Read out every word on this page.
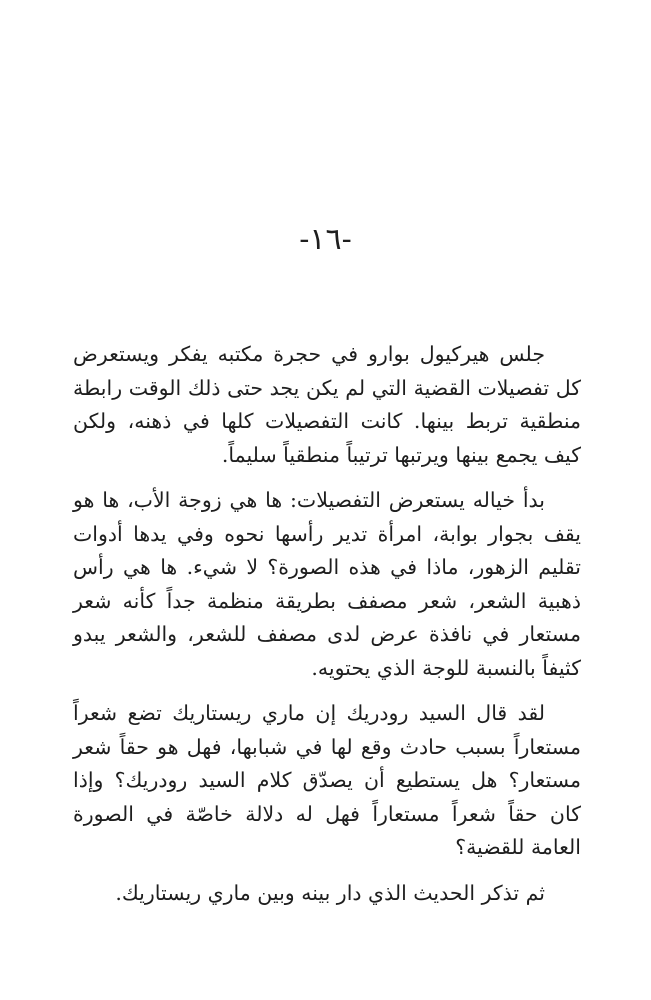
-١٦-

جلس هيركيول بوارو في حجرة مكتبه يفكر ويستعرض كل تفصيلات القضية التي لم يكن يجد حتى ذلك الوقت رابطة منطقية تربط بينها. كانت التفصيلات كلها في ذهنه، ولكن كيف يجمع بينها ويرتبها ترتيباً منطقياً سليماً.

بدأ خياله يستعرض التفصيلات: ها هي زوجة الأب، ها هو يقف بجوار بوابة، امرأة تدير رأسها نحوه وفي يدها أدوات تقليم الزهور، ماذا في هذه الصورة؟ لا شيء. ها هي رأس ذهبية الشعر، شعر مصفف بطريقة منظمة جداً كأنه شعر مستعار في نافذة عرض لدى مصفف للشعر، والشعر يبدو كثيفاً بالنسبة للوجة الذي يحتويه.

لقد قال السيد رودريك إن ماري ريستاريك تضع شعراً مستعاراً بسبب حادث وقع لها في شبابها، فهل هو حقاً شعر مستعار؟ هل يستطيع أن يصدّق كلام السيد رودريك؟ وإذا كان حقاً شعراً مستعاراً فهل له دلالة خاصّة في الصورة العامة للقضية؟

ثم تذكر الحديث الذي دار بينه وبين ماري ريستاريك.
